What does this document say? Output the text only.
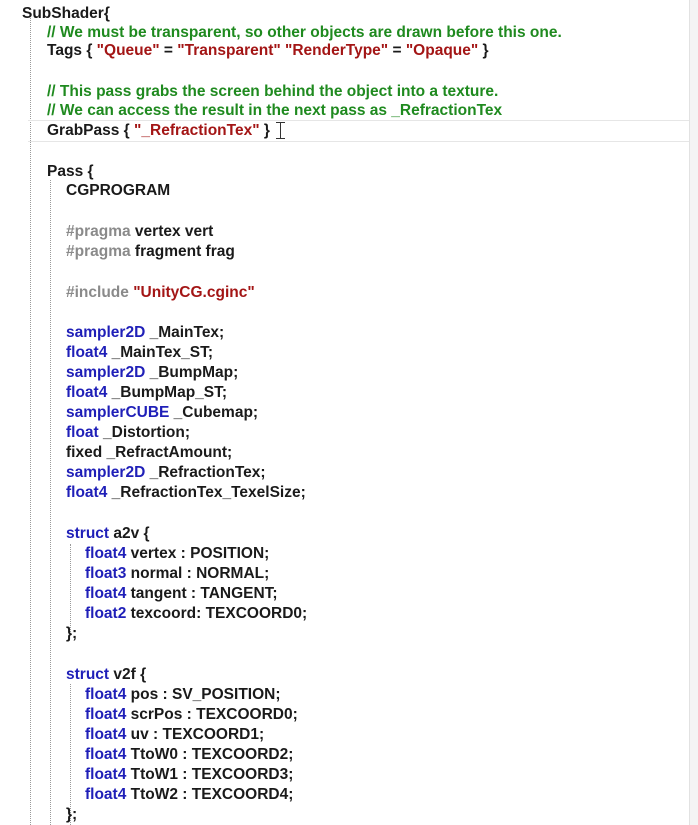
SubShader{
// We must be transparent, so other objects are drawn before this one.
Tags { "Queue" = "Transparent" "RenderType" = "Opaque" }
// This pass grabs the screen behind the object into a texture.
// We can access the result in the next pass as _RefractionTex
GrabPass { "_RefractionTex" }
Pass {
CGPROGRAM
#pragma vertex vert
#pragma fragment frag
#include "UnityCG.cginc"
sampler2D _MainTex;
float4 _MainTex_ST;
sampler2D _BumpMap;
float4 _BumpMap_ST;
samplerCUBE _Cubemap;
float _Distortion;
fixed _RefractAmount;
sampler2D _RefractionTex;
float4 _RefractionTex_TexelSize;
struct a2v {
float4 vertex : POSITION;
float3 normal : NORMAL;
float4 tangent : TANGENT;
float2 texcoord: TEXCOORD0;
};
struct v2f {
float4 pos : SV_POSITION;
float4 scrPos : TEXCOORD0;
float4 uv : TEXCOORD1;
float4 TtoW0 : TEXCOORD2;
float4 TtoW1 : TEXCOORD3;
float4 TtoW2 : TEXCOORD4;
};
